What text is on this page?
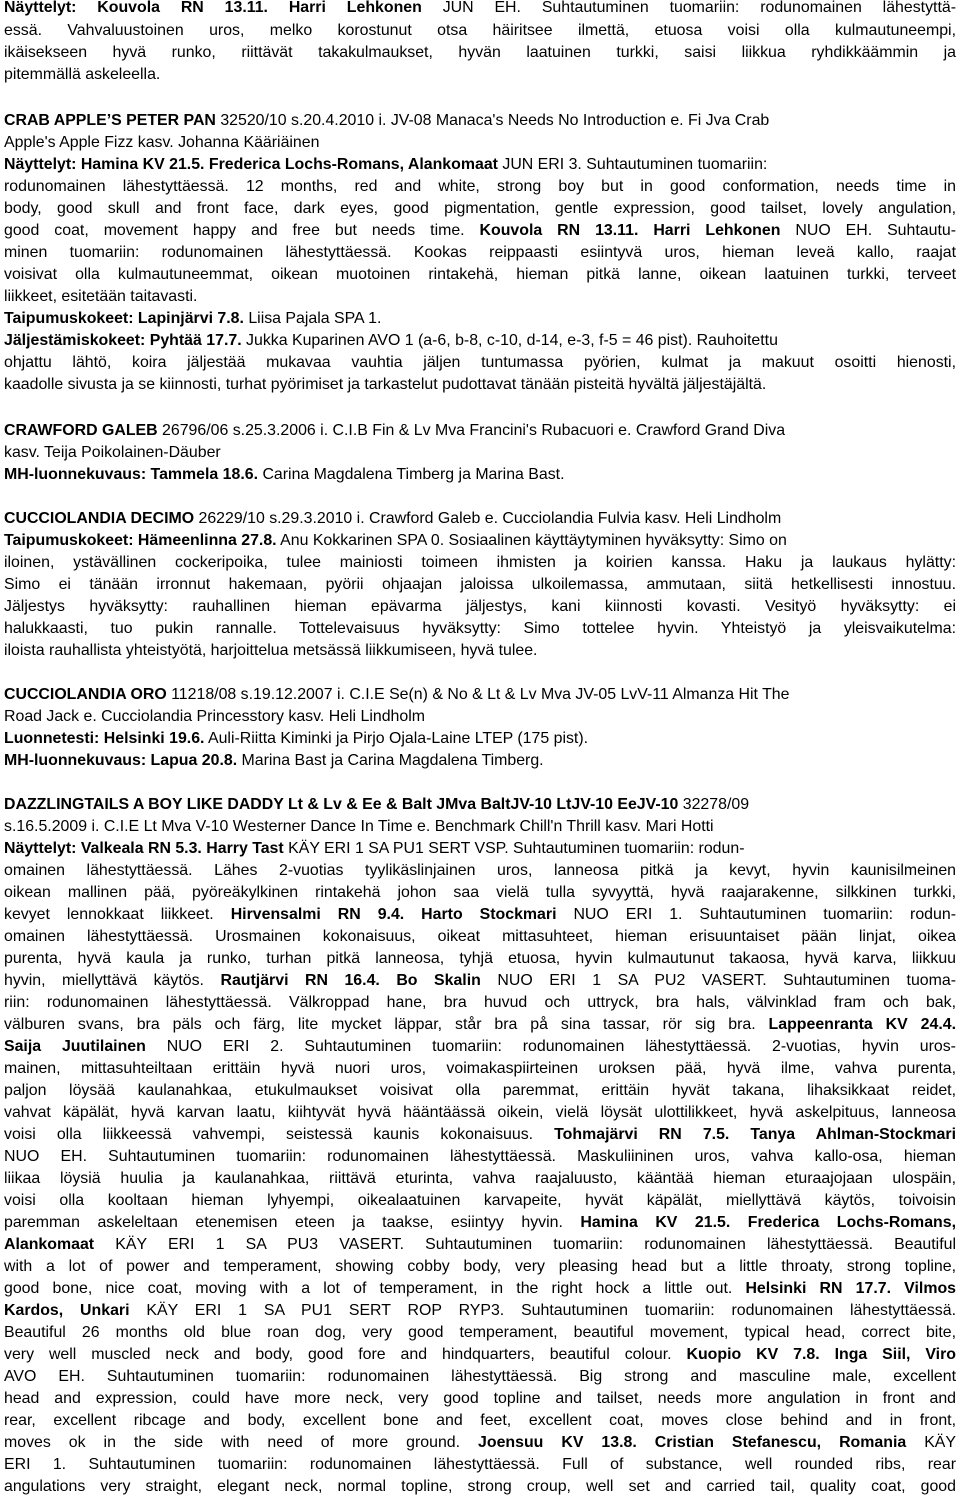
Näyttelyt: Kouvola RN 13.11. Harri Lehkonen JUN EH. Suhtautuminen tuomariin: rodunomainen lähestyttä-
essä. Vahvaluustoinen uros, melko korostunut otsa häiritsee ilmettä, etuosa voisi olla kulmautuneempi,
ikäisekseen hyvä runko, riittävät takakulmaukset, hyvän laatuinen turkki, saisi liikkua ryhdikkäämmin ja
pitemmällä askeleella.
CRAB APPLE’S PETER PAN 32520/10 s.20.4.2010 i. JV-08 Manaca's Needs No Introduction e. Fi Jva Crab
Apple's Apple Fizz kasv. Johanna Kääriäinen
Näyttelyt: Hamina KV 21.5. Frederica Lochs-Romans, Alankomaat JUN ERI 3. Suhtautuminen tuomariin:
rodunomainen lähestyttäessä. 12 months, red and white, strong boy but in good conformation, needs time in
body, good skull and front face, dark eyes, good pigmentation, gentle expression, good tailset, lovely angulation,
good coat, movement happy and free but needs time. Kouvola RN 13.11. Harri Lehkonen NUO EH. Suhtautu-
minen tuomariin: rodunomainen lähestyttäessä. Kookas reippaasti esiintyvä uros, hieman leveä kallo, raajat
voisivat olla kulmautuneemmat, oikean muotoinen rintakehä, hieman pitkä lanne, oikean laatuinen turkki, terveet
liikkeet, esitetään taitavasti.
Taipumuskokeet: Lapinjärvi 7.8. Liisa Pajala SPA 1.
Jäljestämiskokeet: Pyhtää 17.7. Jukka Kuparinen AVO 1 (a-6, b-8, c-10, d-14, e-3, f-5 = 46 pist). Rauhoitettu
ohjattu lähtö, koira jäljestää mukavaa vauhtia jäljen tuntumassa pyörien, kulmat ja makuut osoitti hienosti,
kaadolle sivusta ja se kiinnosti, turhat pyörimiset ja tarkastelut pudottavat tänään pisteitä hyvältä jäljestäjältä.
CRAWFORD GALEB 26796/06 s.25.3.2006 i. C.I.B Fin & Lv Mva Francini's Rubacuori e. Crawford Grand Diva
kasv. Teija Poikolainen-Däuber
MH-luonnekuvaus: Tammela 18.6. Carina Magdalena Timberg ja Marina Bast.
CUCCIOLANDIA DECIMO 26229/10 s.29.3.2010 i. Crawford Galeb e. Cucciolandia Fulvia kasv. Heli Lindholm
Taipumuskokeet: Hämeenlinna 27.8. Anu Kokkarinen SPA 0. Sosiaalinen käyttäytyminen hyväksytty: Simo on
iloinen, ystävällinen cockeripoika, tulee mainiosti toimeen ihmisten ja koirien kanssa. Haku ja laukaus hylätty:
Simo ei tänään irronnut hakemaan, pyörii ohjaajan jaloissa ulkoilemassa, ammutaan, siitä hetkellisesti innostuu.
Jäljestys hyväksytty: rauhallinen hieman epävarma jäljestys, kani kiinnosti kovasti. Vesityö hyväksytty: ei
halukkaasti, tuo pukin rannalle. Tottelevaisuus hyväksytty: Simo tottelee hyvin. Yhteistyö ja yleisvaikutelma:
iloista rauhallista yhteistyötä, harjoittelua metsässä liikkumiseen, hyvä tulee.
CUCCIOLANDIA ORO 11218/08 s.19.12.2007 i. C.I.E Se(n) & No & Lt & Lv Mva JV-05 LvV-11 Almanza Hit The
Road Jack e. Cucciolandia Princesstory kasv. Heli Lindholm
Luonnetesti: Helsinki 19.6. Auli-Riitta Kiminki ja Pirjo Ojala-Laine LTEP (175 pist).
MH-luonnekuvaus: Lapua 20.8. Marina Bast ja Carina Magdalena Timberg.
DAZZLINGTAILS A BOY LIKE DADDY Lt & Lv & Ee & Balt JMva BaltJV-10 LtJV-10 EeJV-10 32278/09
s.16.5.2009 i. C.I.E Lt Mva V-10 Westerner Dance In Time e. Benchmark Chill'n Thrill kasv. Mari Hotti
Näyttelyt: Valkeala RN 5.3. Harry Tast KÄY ERI 1 SA PU1 SERT VSP. Suhtautuminen tuomariin: rodun-
omainen lähestyttäessä. Lähes 2-vuotias tyylikäslinjainen uros, lanneosa pitkä ja kevyt, hyvin kaunisilmeinen
oikean mallinen pää, pyöreäkylkinen rintakehä johon saa vielä tulla syvyyttä, hyvä raajarakenne, silkkinen turkki,
kevyet lennokkaat liikkeet. Hirvensalmi RN 9.4. Harto Stockmari NUO ERI 1. Suhtautuminen tuomariin: rodun-
omainen lähestyttäessä. Urosmainen kokonaisuus, oikeat mittasuhteet, hieman erisuuntaiset pään linjat, oikea
purenta, hyvä kaula ja runko, turhan pitkä lanneosa, tyhjä etuosa, hyvin kulmautunut takaosa, hyvä karva, liikkuu
hyvin, miellyttävä käytös. Rautjärvi RN 16.4. Bo Skalin NUO ERI 1 SA PU2 VASERT. Suhtautuminen tuoma-
riin: rodunomainen lähestyttäessä. Välkroppad hane, bra huvud och uttryck, bra hals, välvinklad fram och bak,
välburen svans, bra päls och färg, lite mycket läppar, står bra på sina tassar, rör sig bra. Lappeenranta KV 24.4.
Saija Juutilainen NUO ERI 2. Suhtautuminen tuomariin: rodunomainen lähestyttäessä. 2-vuotias, hyvin uros-
mainen, mittasuhteiltaan erittäin hyvä nuori uros, voimakaspiirteinen uroksen pää, hyvä ilme, vahva purenta,
paljon löysää kaulanahkaa, etukulmaukset voisivat olla paremmat, erittäin hyvät takana, lihaksikkaat reidet,
vahvat käpälät, hyvä karvan laatu, kiihtyvät hyvä hääntäässä oikein, vielä löysät ulottilikkeet, hyvä askelpituus, lanneosa
voisi olla liikkeessä vahvempi, seistessä kaunis kokonaisuus. Tohmajärvi RN 7.5. Tanya Ahlman-Stockmari
NUO EH. Suhtautuminen tuomariin: rodunomainen lähestyttäessä. Maskuliininen uros, vahva kallo-osa, hieman
liikaa löysiä huulia ja kaulanahkaa, riittävä eturinta, vahva raajaluusto, kääntää hieman eturaajojaan ulospäin,
voisi olla kooltaan hieman lyhyempi, oikealaatuinen karvapeite, hyvät käpälät, miellyttävä käytös, toivoisin
paremman askeleltaan etenemisen eteen ja taakse, esiintyy hyvin. Hamina KV 21.5. Frederica Lochs-Romans,
Alankomaat KÄY ERI 1 SA PU3 VASERT. Suhtautuminen tuomariin: rodunomainen lähestyttäessä. Beautiful
with a lot of power and temperament, showing cobby body, very pleasing head but a little throaty, strong topline,
good bone, nice coat, moving with a lot of temperament, in the right hock a little out. Helsinki RN 17.7. Vilmos
Kardos, Unkari KÄY ERI 1 SA PU1 SERT ROP RYP3. Suhtautuminen tuomariin: rodunomainen lähestyttäessä.
Beautiful 26 months old blue roan dog, very good temperament, beautiful movement, typical head, correct bite,
very well muscled neck and body, good fore and hindquarters, beautiful colour. Kuopio KV 7.8. Inga Siil, Viro
AVO EH. Suhtautuminen tuomariin: rodunomainen lähestyttäessä. Big strong and masculine male, excellent
head and expression, could have more neck, very good topline and tailset, needs more angulation in front and
rear, excellent ribcage and body, excellent bone and feet, excellent coat, moves close behind and in front,
moves ok in the side with need of more ground. Joensuu KV 13.8. Cristian Stefanescu, Romania KÄY
ERI 1. Suhtautuminen tuomariin: rodunomainen lähestyttäessä. Full of substance, well rounded ribs, rear
angulations very straight, elegant neck, normal topline, strong croup, well set and carried tail, quality coat, good
